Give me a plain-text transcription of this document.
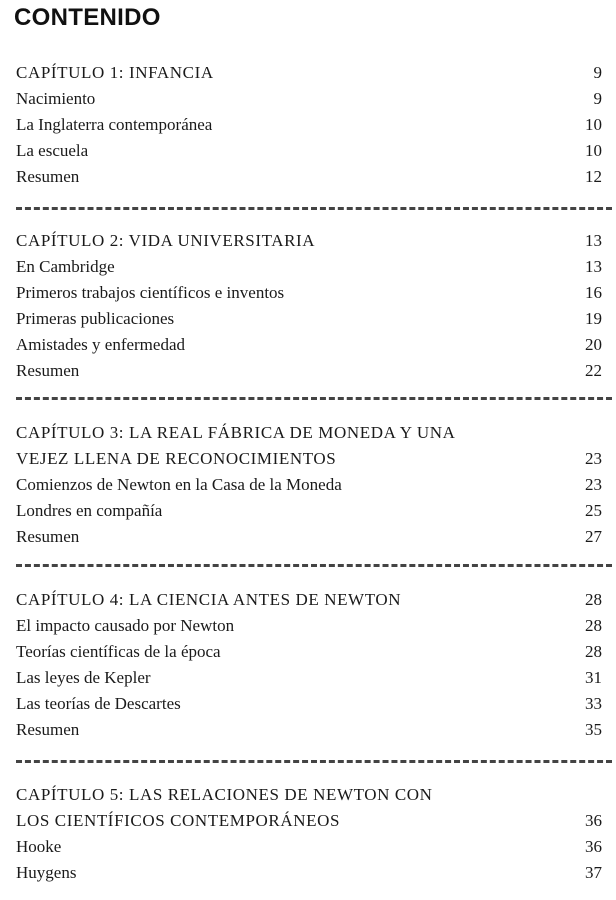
CONTENIDO
CAPÍTULO 1: INFANCIA	9
Nacimiento	9
La Inglaterra contemporánea	10
La escuela	10
Resumen	12
CAPÍTULO 2: VIDA UNIVERSITARIA	13
En Cambridge	13
Primeros trabajos científicos e inventos	16
Primeras publicaciones	19
Amistades y enfermedad	20
Resumen	22
CAPÍTULO 3: LA REAL FÁBRICA DE MONEDA Y UNA
VEJEZ LLENA DE RECONOCIMIENTOS	23
Comienzos de Newton en la Casa de la Moneda	23
Londres en compañía	25
Resumen	27
CAPÍTULO 4: LA CIENCIA ANTES DE NEWTON	28
El impacto causado por Newton	28
Teorías científicas de la época	28
Las leyes de Kepler	31
Las teorías de Descartes	33
Resumen	35
CAPÍTULO 5: LAS RELACIONES DE NEWTON CON
LOS CIENTÍFICOS CONTEMPORÁNEOS	36
Hooke	36
Huygens	37
